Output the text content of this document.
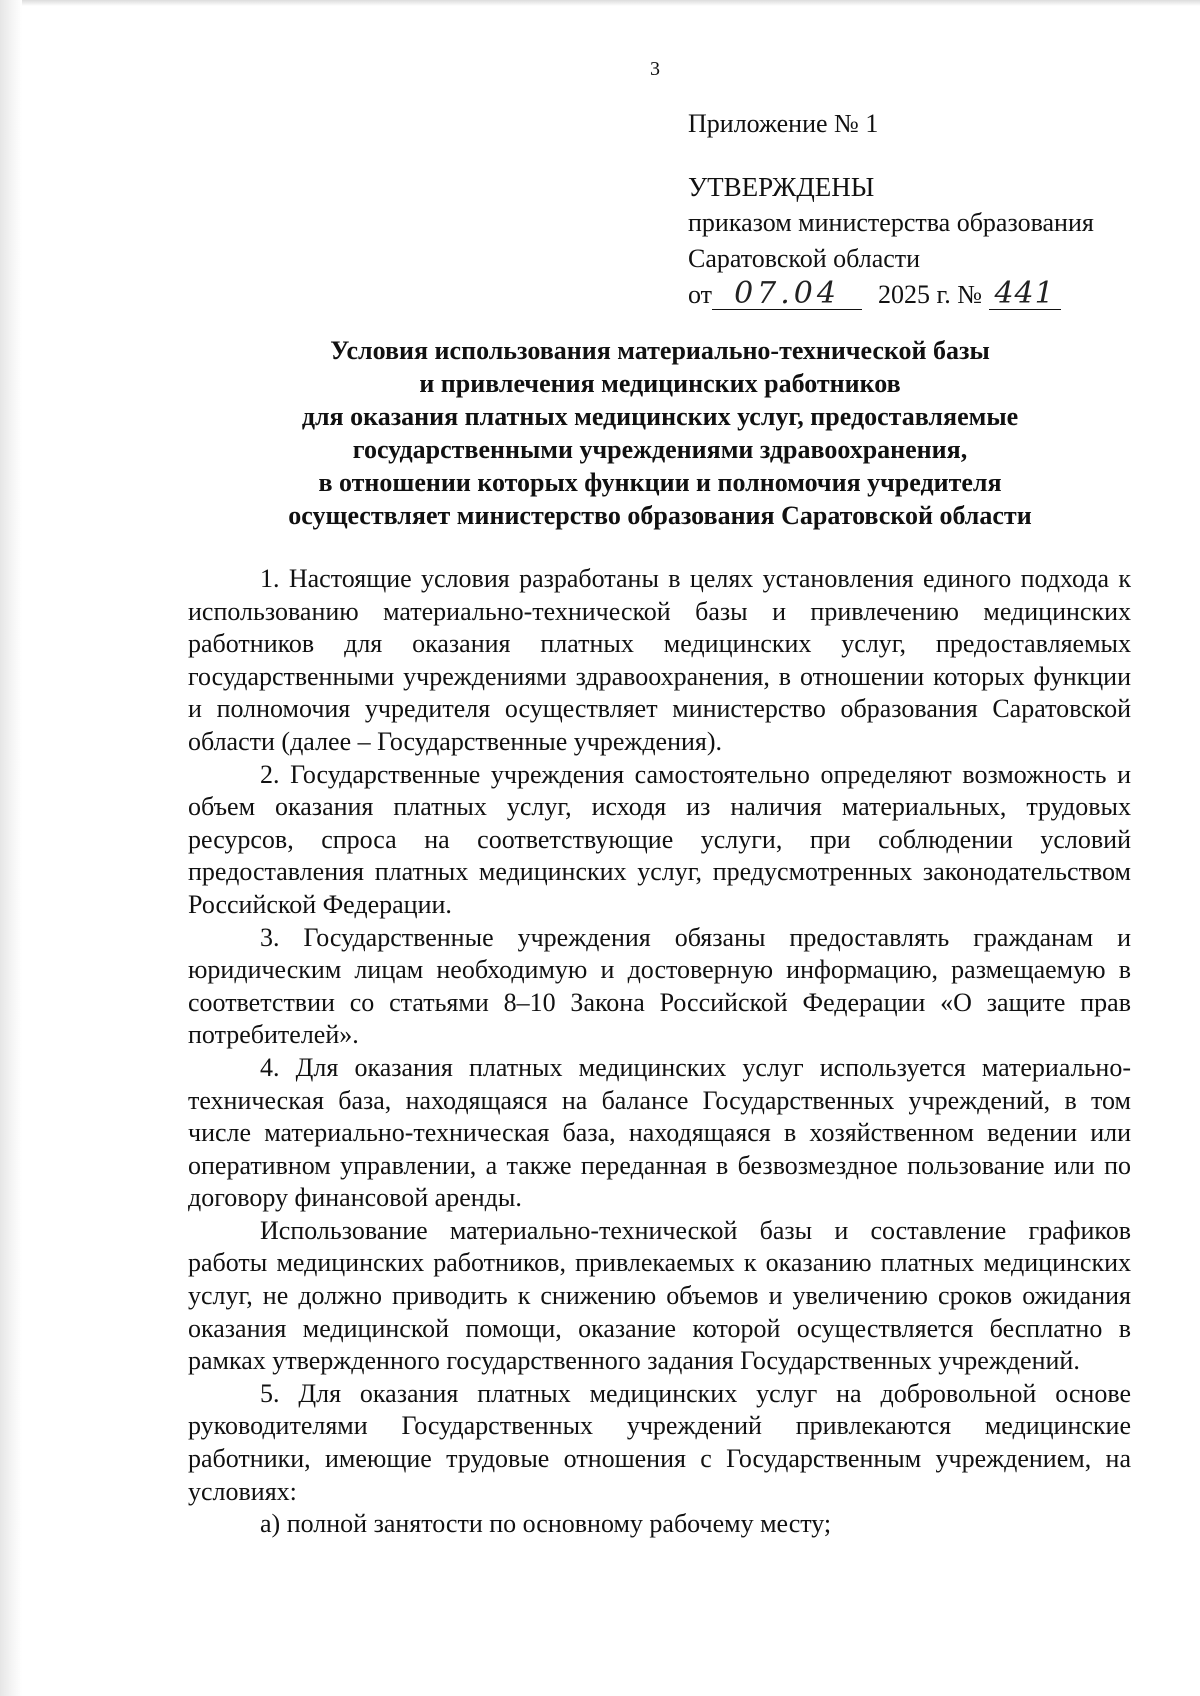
3
Приложение № 1
УТВЕРЖДЕНЫ
приказом министерства образования
Саратовской области
от 07.04 2025 г. № 441
Условия использования материально-технической базы
и привлечения медицинских работников
для оказания платных медицинских услуг, предоставляемые
государственными учреждениями здравоохранения,
в отношении которых функции и полномочия учредителя
осуществляет министерство образования Саратовской области

1. Настоящие условия разработаны в целях установления единого подхода к использованию материально-технической базы и привлечению медицинских работников для оказания платных медицинских услуг, предоставляемых государственными учреждениями здравоохранения, в отношении которых функции и полномочия учредителя осуществляет министерство образования Саратовской области (далее – Государственные учреждения).

2. Государственные учреждения самостоятельно определяют возможность и объем оказания платных услуг, исходя из наличия материальных, трудовых ресурсов, спроса на соответствующие услуги, при соблюдении условий предоставления платных медицинских услуг, предусмотренных законодательством Российской Федерации.

3. Государственные учреждения обязаны предоставлять гражданам и юридическим лицам необходимую и достоверную информацию, размещаемую в соответствии со статьями 8–10 Закона Российской Федерации «О защите прав потребителей».

4. Для оказания платных медицинских услуг используется материально-техническая база, находящаяся на балансе Государственных учреждений, в том числе материально-техническая база, находящаяся в хозяйственном ведении или оперативном управлении, а также переданная в безвозмездное пользование или по договору финансовой аренды.

Использование материально-технической базы и составление графиков работы медицинских работников, привлекаемых к оказанию платных медицинских услуг, не должно приводить к снижению объемов и увеличению сроков ожидания оказания медицинской помощи, оказание которой осуществляется бесплатно в рамках утвержденного государственного задания Государственных учреждений.

5. Для оказания платных медицинских услуг на добровольной основе руководителями Государственных учреждений привлекаются медицинские работники, имеющие трудовые отношения с Государственным учреждением, на условиях:

а) полной занятости по основному рабочему месту;
